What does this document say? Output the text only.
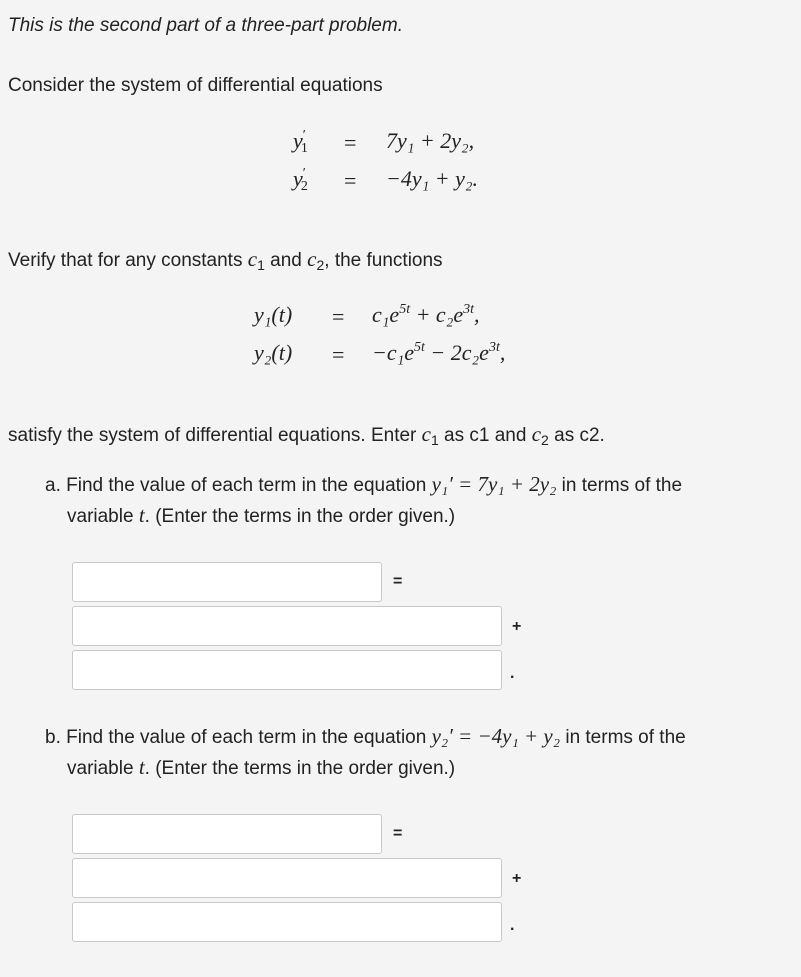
This is the second part of a three-part problem.
Consider the system of differential equations
$y'_1 = 7y_1 + 2y_2$,
$y'_2 = -4y_1 + y_2$.
Verify that for any constants $c_1$ and $c_2$, the functions
$y_1(t) = c_1e^{5t} + c_2e^{3t}$,
$y_2(t) = -c_1e^{5t} - 2c_2e^{3t}$,
satisfy the system of differential equations. Enter $c_1$ as c1 and $c_2$ as c2.
a. Find the value of each term in the equation y₁′ = 7y₁ + 2y₂ in terms of the
variable t. (Enter the terms in the order given.)
=
+
.
b. Find the value of each term in the equation y₂′ = −4y₁ + y₂ in terms of the
variable t. (Enter the terms in the order given.)
=
+
.
